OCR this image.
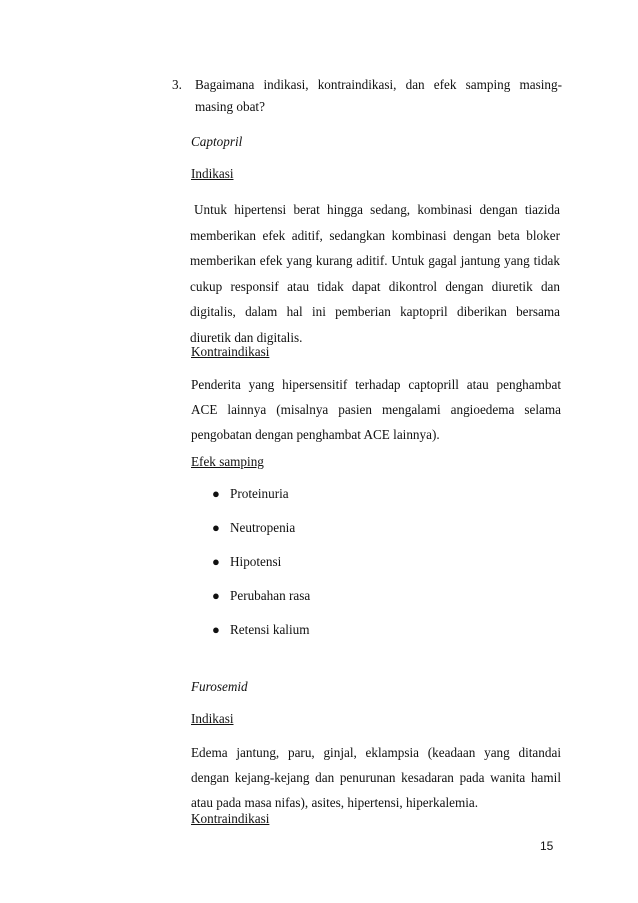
3. Bagaimana indikasi, kontraindikasi, dan efek samping masing-masing obat?
Captopril
Indikasi
Untuk hipertensi berat hingga sedang, kombinasi dengan tiazida memberikan efek aditif, sedangkan kombinasi dengan beta bloker memberikan efek yang kurang aditif. Untuk gagal jantung yang tidak cukup responsif atau tidak dapat dikontrol dengan diuretik dan digitalis, dalam hal ini pemberian kaptopril diberikan bersama diuretik dan digitalis.
Kontraindikasi
Penderita yang hipersensitif terhadap captoprill atau penghambat ACE lainnya (misalnya pasien mengalami angioedema selama pengobatan dengan penghambat ACE lainnya).
Efek samping
● Proteinuria
● Neutropenia
● Hipotensi
● Perubahan rasa
● Retensi kalium
Furosemid
Indikasi
Edema jantung, paru, ginjal, eklampsia (keadaan yang ditandai dengan kejang-kejang dan penurunan kesadaran pada wanita hamil atau pada masa nifas), asites, hipertensi, hiperkalemia.
Kontraindikasi
15
